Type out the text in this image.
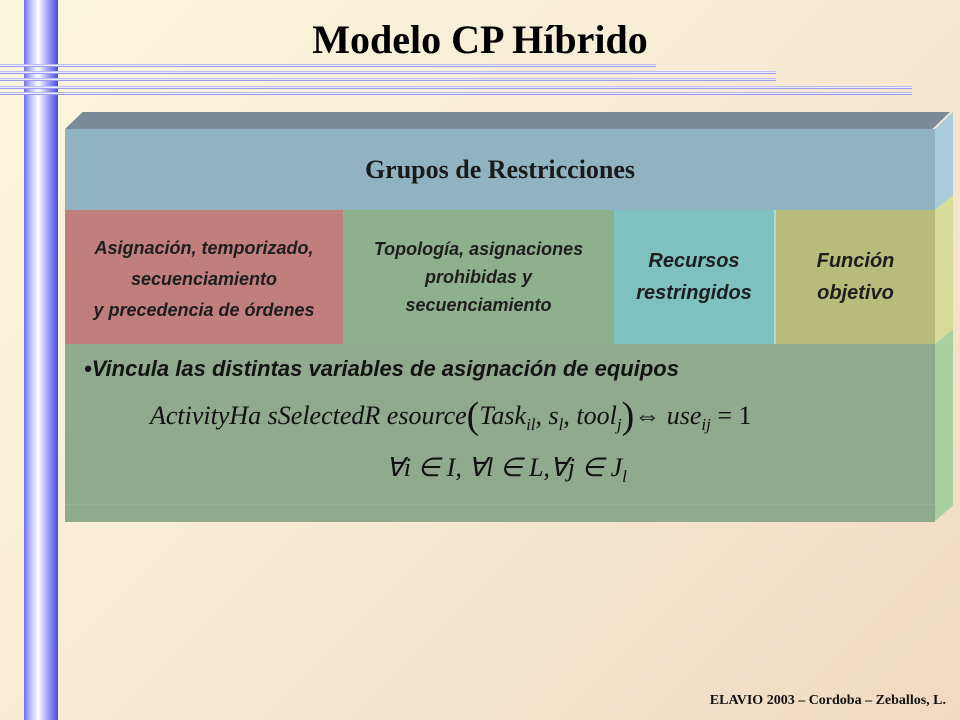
Modelo CP Híbrido
Grupos de Restricciones
Asignación, temporizado,
secuenciamiento
y precedencia de órdenes
Topología, asignaciones
prohibidas y
secuenciamiento
Recursos
restringidos
Función
objetivo
•Vincula las distintas variables de asignación de equipos
ActivityHa sSelectedR esource(Task$_{il}$, $s_l$, tool$_j$)⇔ use$_{ij}$ = 1
∀i ∈ I, ∀l ∈ L,∀j ∈ $J_l$
ELAVIO 2003 – Cordoba – Zeballos, L.
